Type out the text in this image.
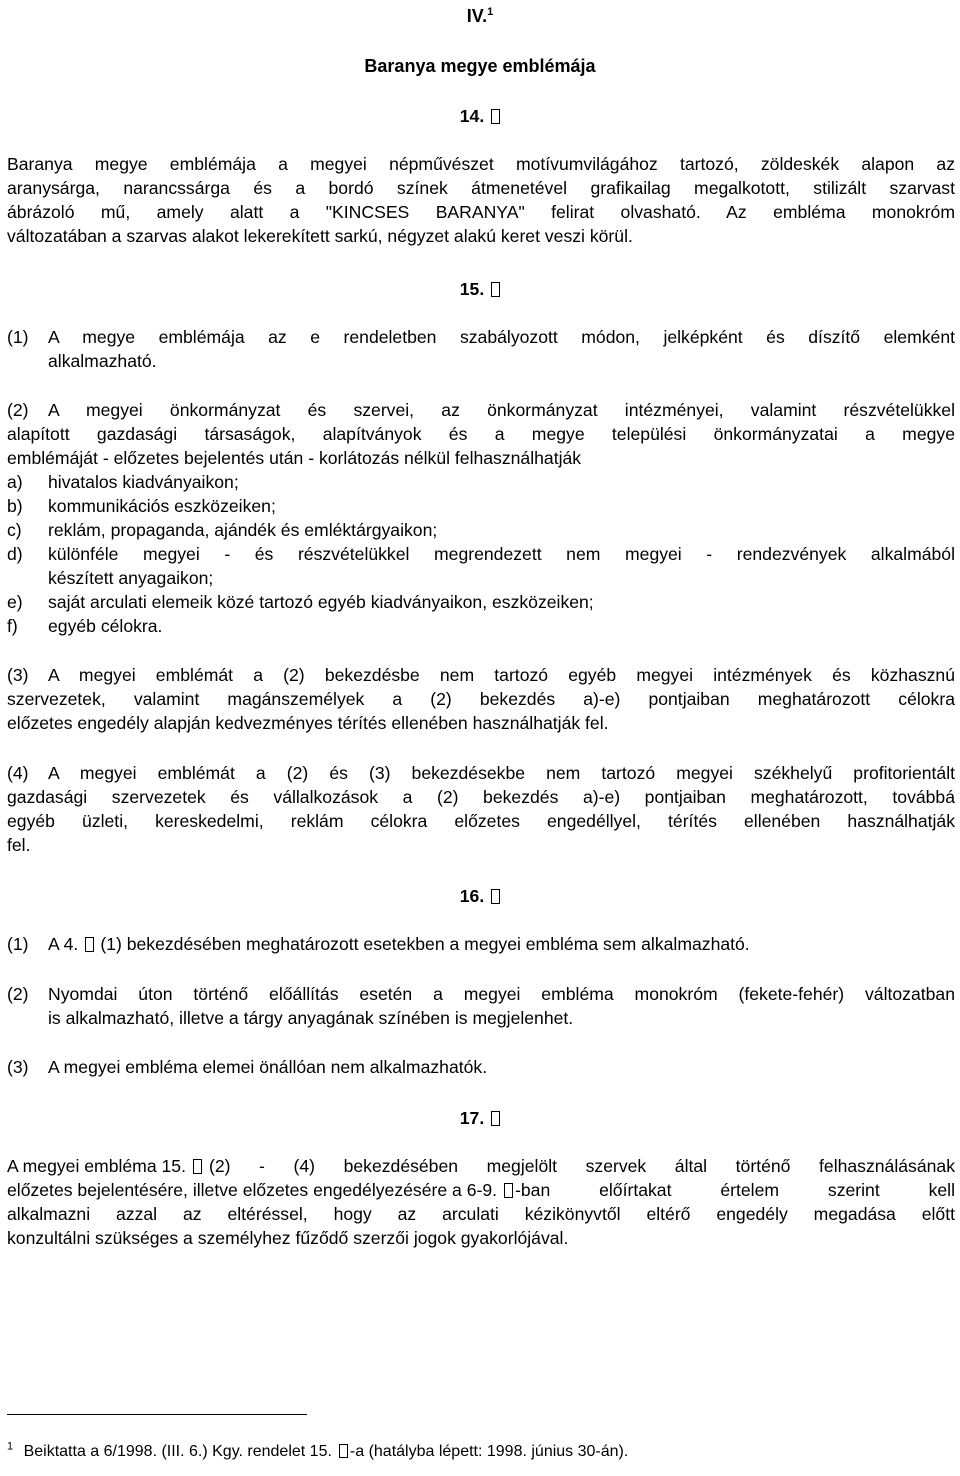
IV.$^1$
Baranya megye emblémája
14.
Baranya megye emblémája a megyei népművészet motívumvilágához tartozó, zöldeskék alapon az
aranysárga, narancssárga és a bordó színek átmenetével grafikailag megalkotott, stilizált szarvast
ábrázoló mű, amely alatt a "KINCSES BARANYA" felirat olvasható. Az embléma monokróm
változatában a szarvas alakot lekerekített sarkú, négyzet alakú keret veszi körül.
15.
(1) A megye emblémája az e rendeletben szabályozott módon, jelképként és díszítő elemként
alkalmazható.
(2) A megyei önkormányzat és szervei, az önkormányzat intézményei, valamint részvételükkel
alapított gazdasági társaságok, alapítványok és a megye települési önkormányzatai a megye
emblémáját - előzetes bejelentés után - korlátozás nélkül felhasználhatják
a)	hivatalos kiadványaikon;
b)	kommunikációs eszközeiken;
c)	reklám, propaganda, ajándék és emléktárgyaikon;
d)	különféle megyei - és részvételükkel megrendezett nem megyei - rendezvények alkalmából
készített anyagaikon;
e)	saját arculati elemeik közé tartozó egyéb kiadványaikon, eszközeiken;
f)	egyéb célokra.
(3) A megyei emblémát a (2) bekezdésbe nem tartozó egyéb megyei intézmények és közhasznú
szervezetek, valamint magánszemélyek a (2) bekezdés a)-e) pontjaiban meghatározott célokra
előzetes engedély alapján kedvezményes térítés ellenében használhatják fel.
(4) A megyei emblémát a (2) és (3) bekezdésekbe nem tartozó megyei székhelyű profitorientált
gazdasági szervezetek és vállalkozások a (2) bekezdés a)-e) pontjaiban meghatározott, továbbá
egyéb üzleti, kereskedelmi, reklám célokra előzetes engedéllyel, térítés ellenében használhatják
fel.
16.
(1) A 4. (1) bekezdésében meghatározott esetekben a megyei embléma sem alkalmazható.
(2) Nyomdai úton történő előállítás esetén a megyei embléma monokróm (fekete-fehér) változatban
is alkalmazható, illetve a tárgy anyagának színében is megjelenhet.
(3) A megyei embléma elemei önállóan nem alkalmazhatók.
17.
A megyei embléma 15.	(2) - (4) bekezdésében megjelölt szervek által történő felhasználásának
előzetes bejelentésére, illetve előzetes engedélyezésére a 6-9.	-ban előírtakat értelem szerint kell
alkalmazni azzal az eltéréssel, hogy az arculati kézikönyvtől eltérő engedély megadása előtt
konzultálni szükséges a személyhez fűződő szerzői jogok gyakorlójával.
$^1$ Beiktatta a 6/1998. (III. 6.) Kgy. rendelet 15. -a (hatályba lépett: 1998. június 30-án).
